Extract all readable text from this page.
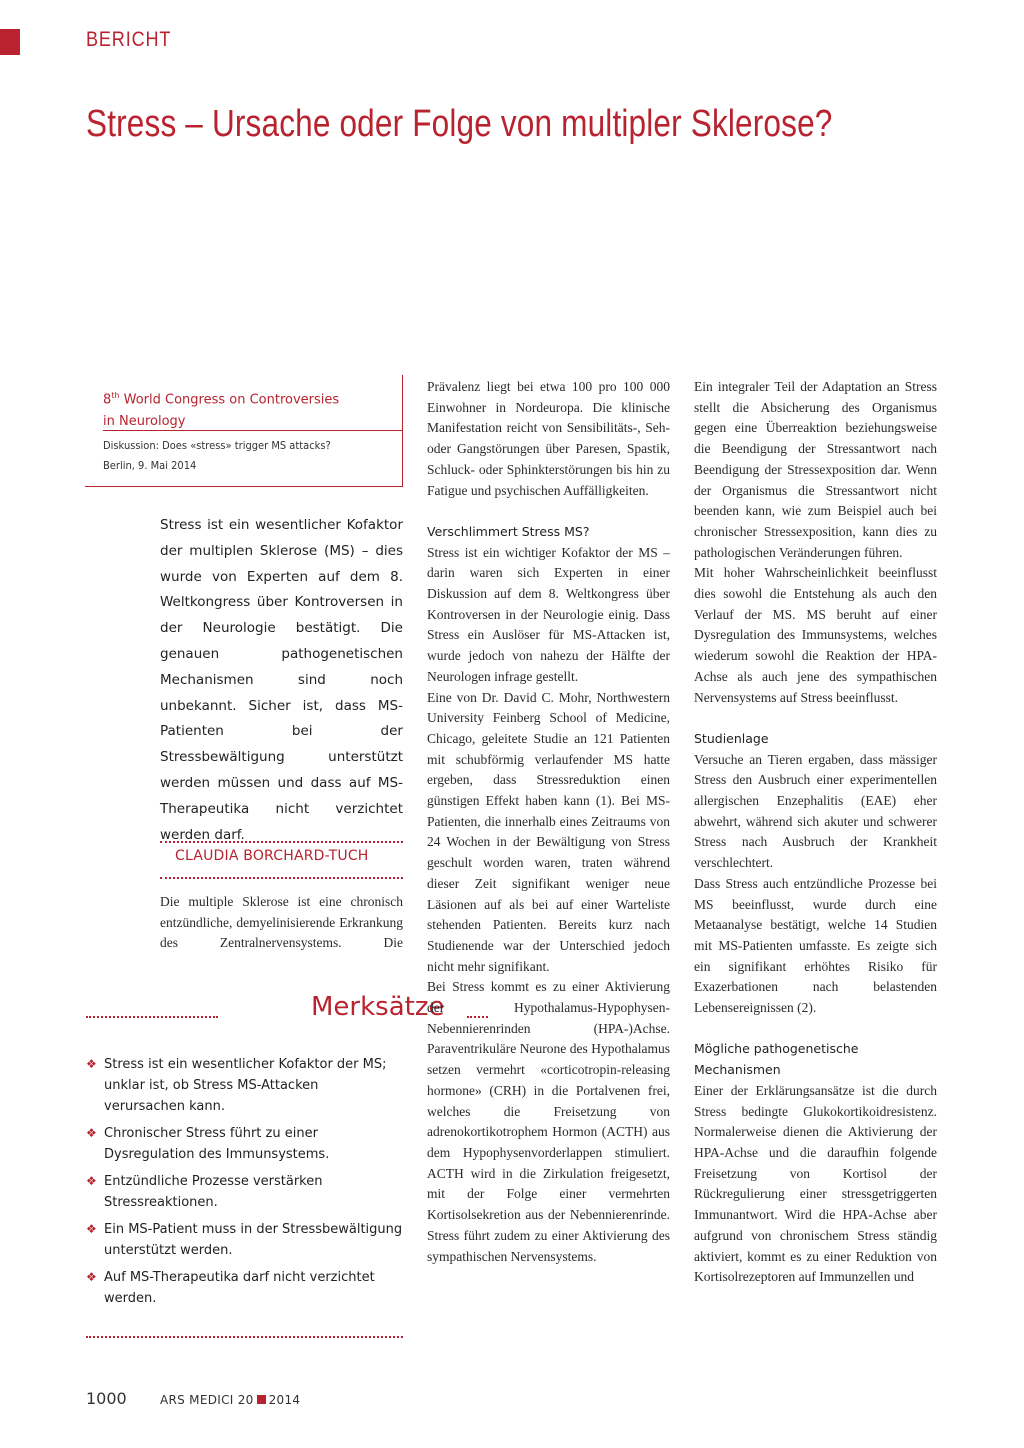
BERICHT
Stress – Ursache oder Folge von multipler Sklerose?
8th World Congress on Controversies
in Neurology
Diskussion: Does «stress» trigger MS attacks?
Berlin, 9. Mai 2014
Stress ist ein wesentlicher Kofaktor der multiplen Sklerose (MS) – dies wurde von Experten auf dem 8. Weltkongress über Kontroversen in der Neurologie bestätigt. Die genauen pathogenetischen Mechanismen sind noch unbekannt. Sicher ist, dass MS-Patienten bei der Stressbewältigung unterstützt werden müssen und dass auf MS-Therapeutika nicht verzichtet werden darf.
CLAUDIA BORCHARD-TUCH
Die multiple Sklerose ist eine chronisch entzündliche, demyelinisierende Erkrankung des Zentralnervensystems. Die
Merksätze
❖ Stress ist ein wesentlicher Kofaktor der MS; unklar ist, ob Stress MS-Attacken verursachen kann.
❖ Chronischer Stress führt zu einer Dysregulation des Immunsystems.
❖ Entzündliche Prozesse verstärken Stressreaktionen.
❖ Ein MS-Patient muss in der Stressbewältigung unterstützt werden.
❖ Auf MS-Therapeutika darf nicht verzichtet werden.

Prävalenz liegt bei etwa 100 pro 100 000 Einwohner in Nordeuropa. Die klinische Manifestation reicht von Sensibilitäts-, Seh- oder Gangstörungen über Paresen, Spastik, Schluck- oder Sphinkterstörungen bis hin zu Fatigue und psychischen Auffälligkeiten.

Verschlimmert Stress MS?

Stress ist ein wichtiger Kofaktor der MS – darin waren sich Experten in einer Diskussion auf dem 8. Weltkongress über Kontroversen in der Neurologie einig. Dass Stress ein Auslöser für MS-Attacken ist, wurde jedoch von nahezu der Hälfte der Neurologen infrage gestellt.

Eine von Dr. David C. Mohr, Northwestern University Feinberg School of Medicine, Chicago, geleitete Studie an 121 Patienten mit schubförmig verlaufender MS hatte ergeben, dass Stressreduktion einen günstigen Effekt haben kann (1). Bei MS-Patienten, die innerhalb eines Zeitraums von 24 Wochen in der Bewältigung von Stress geschult worden waren, traten während dieser Zeit signifikant weniger neue Läsionen auf als bei auf einer Warteliste stehenden Patienten. Bereits kurz nach Studienende war der Unterschied jedoch nicht mehr signifikant.

Bei Stress kommt es zu einer Aktivierung der Hypothalamus-Hypophysen-Nebennierenrinden (HPA-)Achse. Paraventrikuläre Neurone des Hypothalamus setzen vermehrt «corticotropin-releasing hormone» (CRH) in die Portalvenen frei, welches die Freisetzung von adrenokortikotrophem Hormon (ACTH) aus dem Hypophysenvorderlappen stimuliert. ACTH wird in die Zirkulation freigesetzt, mit der Folge einer vermehrten Kortisolsekretion aus der Nebennierenrinde. Stress führt zudem zu einer Aktivierung des sympathischen Nervensystems.

Ein integraler Teil der Adaptation an Stress stellt die Absicherung des Organismus gegen eine Überreaktion beziehungsweise die Beendigung der Stressantwort nach Beendigung der Stressexposition dar. Wenn der Organismus die Stressantwort nicht beenden kann, wie zum Beispiel auch bei chronischer Stressexposition, kann dies zu pathologischen Veränderungen führen.

Mit hoher Wahrscheinlichkeit beeinflusst dies sowohl die Entstehung als auch den Verlauf der MS. MS beruht auf einer Dysregulation des Immunsystems, welches wiederum sowohl die Reaktion der HPA-Achse als auch jene des sympathischen Nervensystems auf Stress beeinflusst.

Studienlage

Versuche an Tieren ergaben, dass mässiger Stress den Ausbruch einer experimentellen allergischen Enzephalitis (EAE) eher abwehrt, während sich akuter und schwerer Stress nach Ausbruch der Krankheit verschlechtert.

Dass Stress auch entzündliche Prozesse bei MS beeinflusst, wurde durch eine Metaanalyse bestätigt, welche 14 Studien mit MS-Patienten umfasste. Es zeigte sich ein signifikant erhöhtes Risiko für Exazerbationen nach belastenden Lebensereignissen (2).

Mögliche pathogenetische Mechanismen

Einer der Erklärungsansätze ist die durch Stress bedingte Glukokortikoidresistenz. Normalerweise dienen die Aktivierung der HPA-Achse und die daraufhin folgende Freisetzung von Kortisol der Rückregulierung einer stressgetriggerten Immunantwort. Wird die HPA-Achse aber aufgrund von chronischem Stress ständig aktiviert, kommt es zu einer Reduktion von Kortisolrezeptoren auf Immunzellen und

1000	ARS MEDICI 20 2014
